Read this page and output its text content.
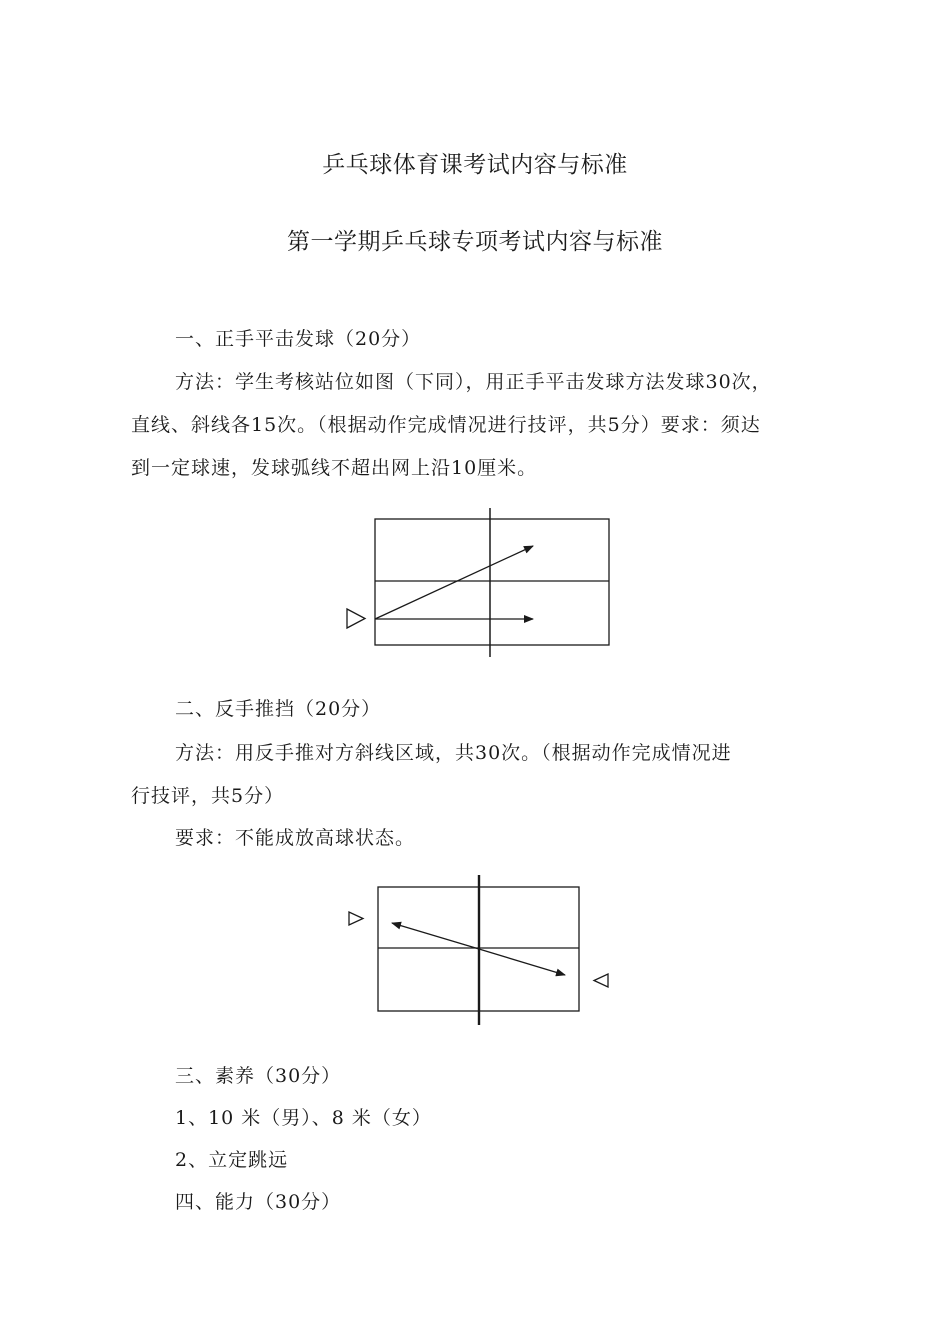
乒乓球体育课考试内容与标准
第一学期乒乓球专项考试内容与标准
一、正手平击发球（20分）
方法：学生考核站位如图（下同），用正手平击发球方法发球30次，
直线、斜线各15次。（根据动作完成情况进行技评，共5分）要求：须达
到一定球速，发球弧线不超出网上沿10厘米。
二、反手推挡（20分）
方法：用反手推对方斜线区域，共30次。（根据动作完成情况进
行技评，共5分）
要求：不能成放高球状态。
三、素养（30分）
1、10 米（男）、8 米（女）
2、立定跳远
四、能力（30分）
